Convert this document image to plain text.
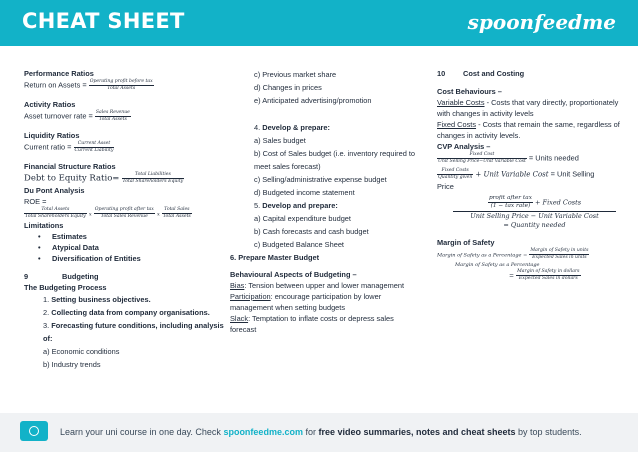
CHEAT SHEET	spoonfeedme
Performance Ratios
Return on Assets = $\frac{\text{Operating profit before tax}}{\text{Total Assets}}$
Activity Ratios
Asset turnover rate = $\frac{\text{Sales Revenue}}{\text{Total Assets}}$
Liquidity Ratios
Current ratio = $\frac{\text{Current Asset}}{\text{Current Liability}}$
Financial Structure Ratios
Debt to Equity Ratio= $\frac{\text{Total Liabilities}}{\text{Total Shareholders Equity}}$
Du Pont Analysis
ROE =
$\frac{\text{Total Assets}}{\text{Total Shareholders Equity}}$ x $\frac{\text{Operating profit after tax}}{\text{Total Sales Revenue}}$ x $\frac{\text{Total Sales}}{\text{Total Assets}}$
Limitations
• Estimates
• Atypical Data
• Diversification of Entities
9	Budgeting
The Budgeting Process
1. Setting business objectives.
2. Collecting data from company organisations.
3. Forecasting future conditions, including analysis of:
a) Economic conditions
b) Industry trends
c) Previous market share
d) Changes in prices
e) Anticipated advertising/promotion
4. Develop & prepare:
a) Sales budget
b) Cost of Sales budget (i.e. inventory required to meet sales forecast)
c) Selling/administrative expense budget
d) Budgeted income statement
5. Develop and prepare:
a) Capital expenditure budget
b) Cash forecasts and cash budget
c) Budgeted Balance Sheet
6. Prepare Master Budget
Behavioural Aspects of Budgeting –
Bias: Tension between upper and lower management
Participation: encourage participation by lower management when setting budgets
Slack: Temptation to inflate costs or depress sales forecast
10	Cost and Costing
Cost Behaviours –
Variable Costs - Costs that vary directly, proportionately with changes in activity levels
Fixed Costs - Costs that remain the same, regardless of changes in activity levels.
CVP Analysis –
$\frac{\text{Fixed Cost}}{\text{Unit Selling Price−Unit Variable Cost}}$ = Units needed
$\frac{\text{Fixed Costs}}{\text{Quantity given}}$ + Unit Variable Cost = Unit Selling
Price
$\frac{\text{profit after tax}}{\text{(1 − tax rate)}}$ + Fixed Costs
Unit Selling Price − Unit Variable Cost
= Quantity needed
Margin of Safety
Margin of Safety as a Percentage = $\frac{\text{Margin of Safety in units}}{\text{Expected Sales in units}}$
Margin of Safety as a Percentage
= $\frac{\text{Margin of Safety in dollars}}{\text{Expected Sales in dollars}}$
Learn your uni course in one day. Check spoonfeedme.com for free video summaries, notes and cheat sheets by top students.
